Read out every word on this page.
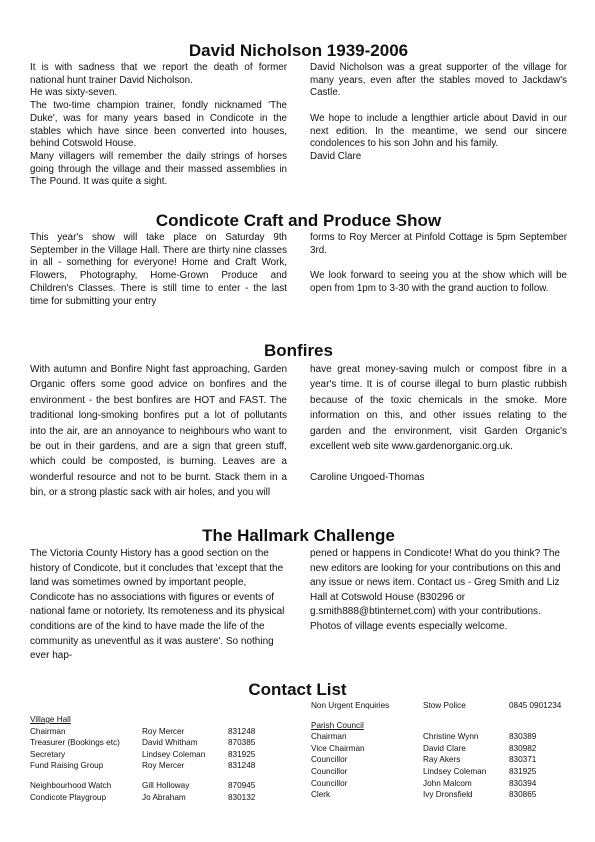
David Nicholson 1939-2006

It is with sadness that we report the death of former national hunt trainer David Nicholson.

He was sixty-seven.

The two-time champion trainer, fondly nicknamed 'The Duke', was for many years based in Condicote in the stables which have since been converted into houses, behind Cotswold House.

Many villagers will remember the daily strings of horses going through the village and their massed assemblies in The Pound. It was quite a sight.

David Nicholson was a great supporter of the village for many years, even after the stables moved to Jackdaw's Castle.

We hope to include a lengthier article about David in our next edition. In the meantime, we send our sincere condolences to his son John and his family.

David Clare

Condicote Craft and Produce Show

This year's show will take place on Saturday 9th September in the Village Hall. There are thirty nine classes in all - something for everyone! Home and Craft Work, Flowers, Photography, Home-Grown Produce and Children's Classes. There is still time to enter - the last time for submitting your entry

forms to Roy Mercer at Pinfold Cottage is 5pm September 3rd.

We look forward to seeing you at the show which will be open from 1pm to 3-30 with the grand auction to follow.

Bonfires

With autumn and Bonfire Night fast approaching, Garden Organic offers some good advice on bonfires and the environment - the best bonfires are HOT and FAST. The traditional long-smoking bonfires put a lot of pollutants into the air, are an annoyance to neighbours who want to be out in their gardens, and are a sign that green stuff, which could be composted, is burning. Leaves are a wonderful resource and not to be burnt. Stack them in a bin, or a strong plastic sack with air holes, and you will

have great money-saving mulch or compost fibre in a year's time. It is of course illegal to burn plastic rubbish because of the toxic chemicals in the smoke. More information on this, and other issues relating to the garden and the environment, visit Garden Organic's excellent web site www.gardenorganic.org.uk.

Caroline Ungoed-Thomas

The Hallmark Challenge

The Victoria County History has a good section on the history of Condicote, but it concludes that 'except that the land was sometimes owned by important people, Condicote has no associations with figures or events of national fame or notoriety. Its remoteness and its physical conditions are of the kind to have made the life of the community as uneventful as it was austere'. So nothing ever hap-

pened or happens in Condicote! What do you think? The new editors are looking for your contributions on this and any issue or news item. Contact us - Greg Smith and Liz Hall at Cotswold House (830296 or g.smith888@btinternet.com) with your contributions. Photos of village events especially welcome.

Contact List
Village Hall		
Chairman	Roy Mercer	831248
Treasurer (Bookings etc)	David Whitham	870385
Secretary	Lindsey Coleman	831925
Fund Raising Group	Roy Mercer	831248

Neighbourhood Watch	Gill Holloway	870945
Condicote Playgroup	Jo Abraham	830132
Non Urgent Enquiries	Stow Police	0845 0901234

Parish Council		
Chairman	Christine Wynn	830389
Vice Chairman	David Clare	830982
Councillor	Ray Akers	830371
Councillor	Lindsey Coleman	831925
Councillor	John Malcom	830394
Clerk	Ivy Dronsfield	830865
